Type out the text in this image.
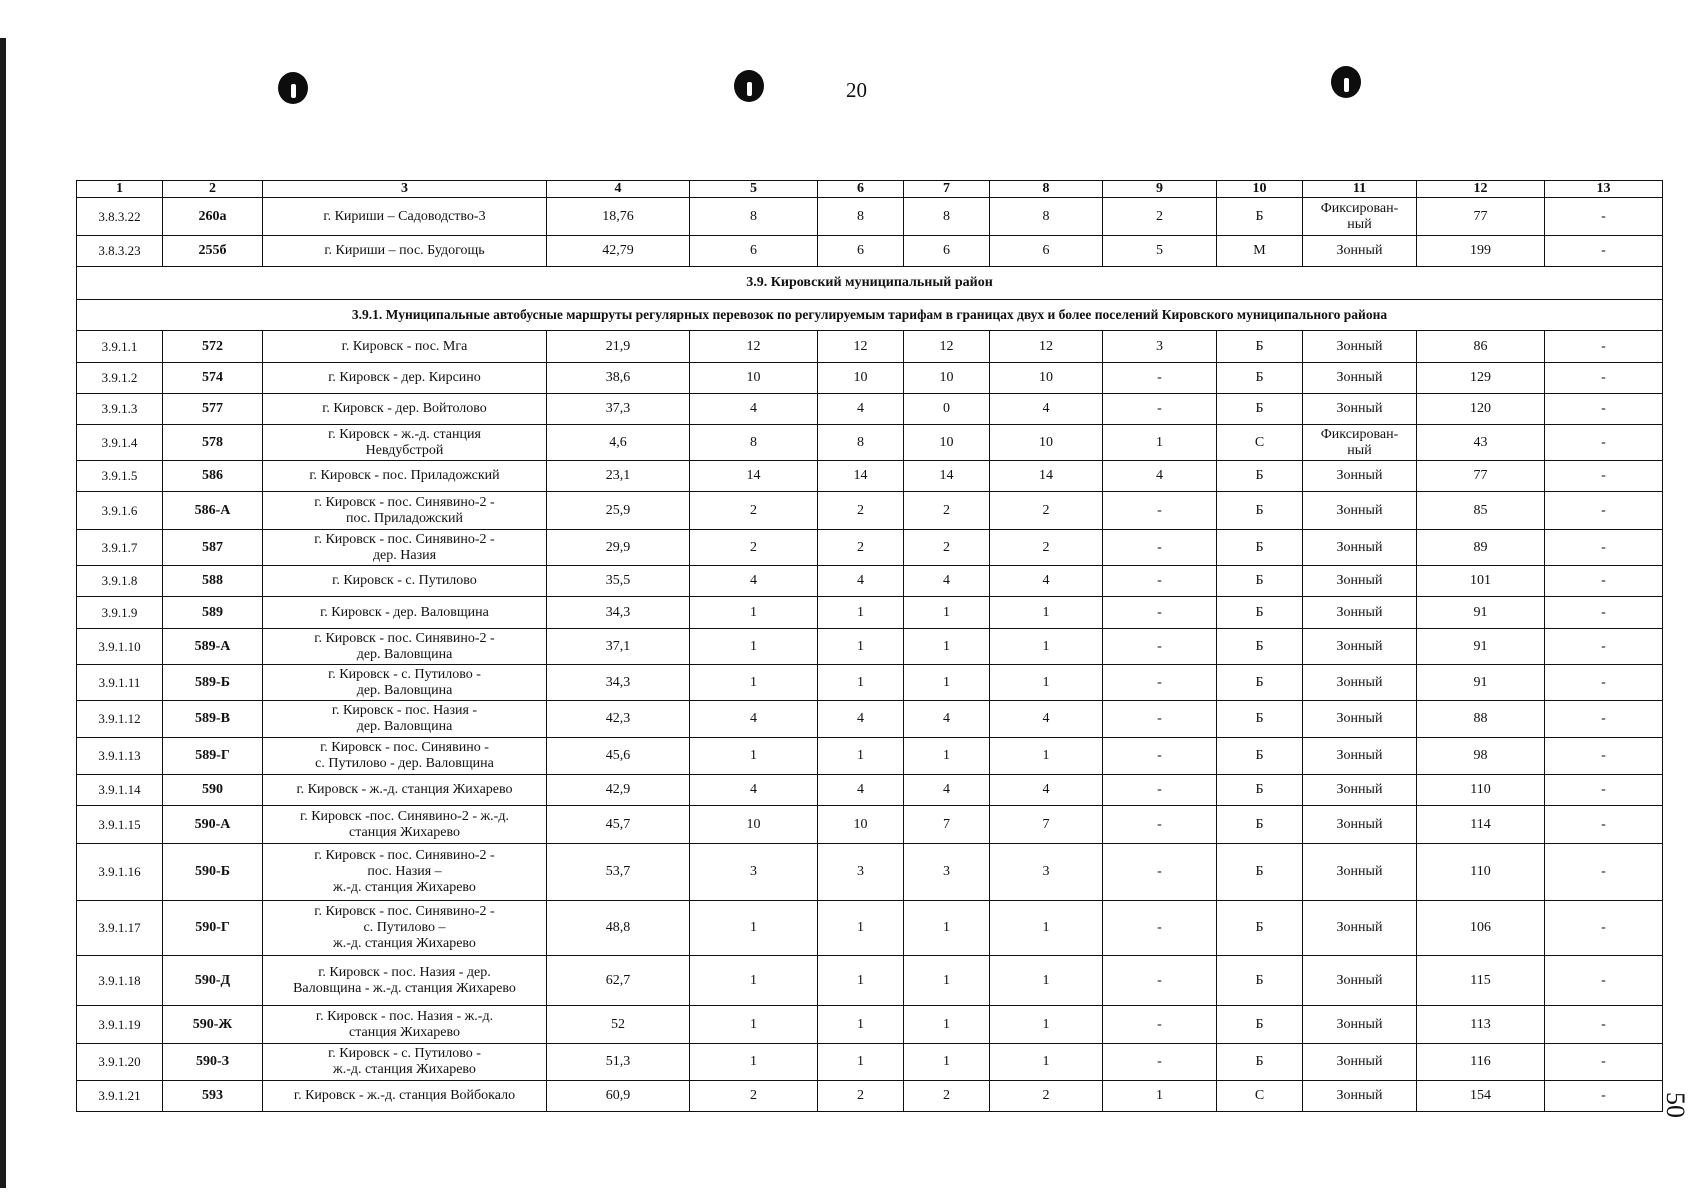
20
50
1	2	3	4	5	6	7	8	9	10	11	12	13
3.8.3.22	260а	г. Кириши – Садоводство-3	18,76	8	8	8	8	2	Б	Фиксирован-
ный	77	-
3.8.3.23	255б	г. Кириши – пос. Будогощь	42,79	6	6	6	6	5	М	Зонный	199	-
3.9. Кировский муниципальный район												
3.9.1. Муниципальные автобусные маршруты регулярных перевозок по регулируемым тарифам в границах двух и более поселений Кировского муниципального района												
3.9.1.1	572	г. Кировск - пос. Мга	21,9	12	12	12	12	3	Б	Зонный	86	-
3.9.1.2	574	г. Кировск - дер. Кирсино	38,6	10	10	10	10	-	Б	Зонный	129	-
3.9.1.3	577	г. Кировск - дер. Войтолово	37,3	4	4	0	4	-	Б	Зонный	120	-
3.9.1.4	578	г. Кировск - ж.-д. станция
Невдубстрой	4,6	8	8	10	10	1	С	Фиксирован-
ный	43	-
3.9.1.5	586	г. Кировск - пос. Приладожский	23,1	14	14	14	14	4	Б	Зонный	77	-
3.9.1.6	586-А	г. Кировск - пос. Синявино-2 -
пос. Приладожский	25,9	2	2	2	2	-	Б	Зонный	85	-
3.9.1.7	587	г. Кировск - пос. Синявино-2 -
дер. Назия	29,9	2	2	2	2	-	Б	Зонный	89	-
3.9.1.8	588	г. Кировск - с. Путилово	35,5	4	4	4	4	-	Б	Зонный	101	-
3.9.1.9	589	г. Кировск - дер. Валовщина	34,3	1	1	1	1	-	Б	Зонный	91	-
3.9.1.10	589-А	г. Кировск - пос. Синявино-2 -
дер. Валовщина	37,1	1	1	1	1	-	Б	Зонный	91	-
3.9.1.11	589-Б	г. Кировск - с. Путилово -
дер. Валовщина	34,3	1	1	1	1	-	Б	Зонный	91	-
3.9.1.12	589-В	г. Кировск - пос. Назия -
дер. Валовщина	42,3	4	4	4	4	-	Б	Зонный	88	-
3.9.1.13	589-Г	г. Кировск - пос. Синявино -
с. Путилово - дер. Валовщина	45,6	1	1	1	1	-	Б	Зонный	98	-
3.9.1.14	590	г. Кировск - ж.-д. станция Жихарево	42,9	4	4	4	4	-	Б	Зонный	110	-
3.9.1.15	590-А	г. Кировск -пос. Синявино-2 - ж.-д.
станция Жихарево	45,7	10	10	7	7	-	Б	Зонный	114	-
3.9.1.16	590-Б	г. Кировск - пос. Синявино-2 -
пос. Назия –
ж.-д. станция Жихарево	53,7	3	3	3	3	-	Б	Зонный	110	-
3.9.1.17	590-Г	г. Кировск - пос. Синявино-2 -
с. Путилово –
ж.-д. станция Жихарево	48,8	1	1	1	1	-	Б	Зонный	106	-
3.9.1.18	590-Д	г. Кировск - пос. Назия - дер.
Валовщина - ж.-д. станция Жихарево	62,7	1	1	1	1	-	Б	Зонный	115	-
3.9.1.19	590-Ж	г. Кировск - пос. Назия - ж.-д.
станция Жихарево	52	1	1	1	1	-	Б	Зонный	113	-
3.9.1.20	590-З	г. Кировск - с. Путилово -
ж.-д. станция Жихарево	51,3	1	1	1	1	-	Б	Зонный	116	-
3.9.1.21	593	г. Кировск - ж.-д. станция Войбокало	60,9	2	2	2	2	1	С	Зонный	154	-
